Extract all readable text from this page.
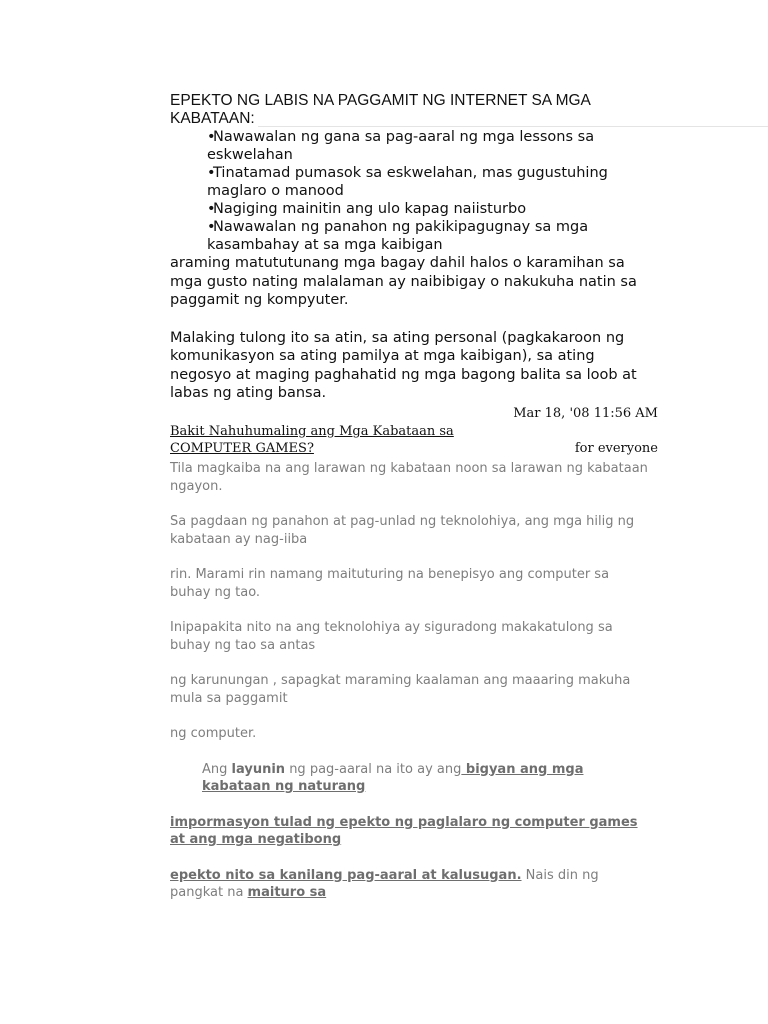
EPEKTO NG LABIS NA PAGGAMIT NG INTERNET SA MGA KABATAAN:

•Nawawalan ng gana sa pag-aaral ng mga lessons sa eskwelahan
•Tinatamad pumasok sa eskwelahan, mas gugustuhing maglaro o manood
•Nagiging mainitin ang ulo kapag naiisturbo
•Nawawalan ng panahon ng pakikipagugnay sa mga kasambahay at sa mga kaibigan

araming matututunang mga bagay dahil halos o karamihan sa mga gusto nating malalaman ay naibibigay o nakukuha natin sa paggamit ng kompyuter.

Malaking tulong ito sa atin, sa ating personal (pagkakaroon ng komunikasyon sa ating pamilya at mga kaibigan), sa ating negosyo at maging paghahatid ng mga bagong balita sa loob at labas ng ating bansa.

Mar 18, '08 11:56 AM
Bakit Nahuhumaling ang Mga Kabataan sa COMPUTER GAMES?	for everyone

Tila magkaiba na ang larawan ng kabataan noon sa larawan ng kabataan ngayon.

Sa pagdaan ng panahon at pag-unlad ng teknolohiya, ang mga hilig ng kabataan ay nag-iiba

rin. Marami rin namang maituturing na benepisyo ang computer sa buhay ng tao.

Inipapakita nito na ang teknolohiya ay siguradong makakatulong sa buhay ng tao sa antas

ng karunungan , sapagkat maraming kaalaman ang maaaring makuha mula sa paggamit

ng computer.

Ang layunin ng pag-aaral na ito ay ang bigyan ang mga kabataan ng naturang

impormasyon tulad ng epekto ng paglalaro ng computer games at ang mga negatibong

epekto nito sa kanilang pag-aaral at kalusugan. Nais din ng pangkat na maituro sa
